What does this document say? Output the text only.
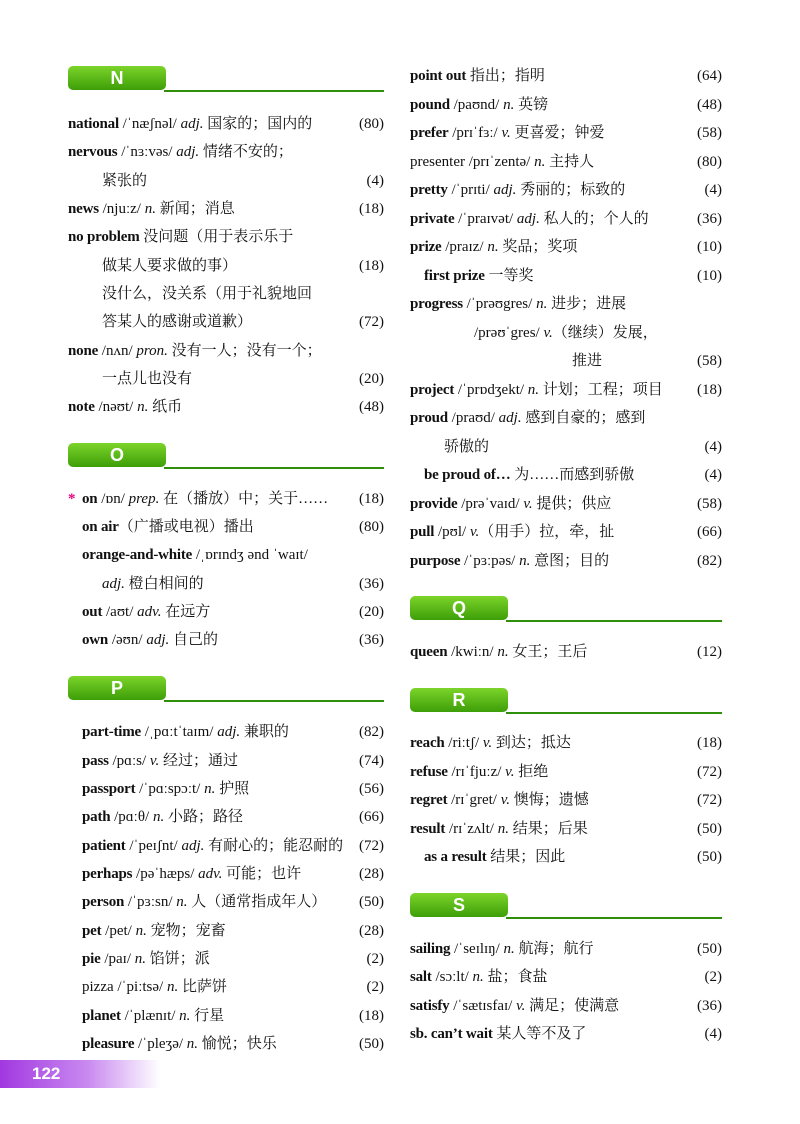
N
national /ˈnæʃnəl/ adj. 国家的；国内的	(80)
nervous /ˈnɜːvəs/ adj. 情绪不安的；
紧张的	(4)
news /njuːz/ n. 新闻；消息	(18)
no problem 没问题（用于表示乐于
做某人要求做的事）	(18)
没什么，没关系（用于礼貌地回
答某人的感谢或道歉）	(72)
none /nʌn/ pron. 没有一人；没有一个；
一点儿也没有	(20)
note /nəʊt/ n. 纸币	(48)
O
* on /ɒn/ prep. 在（播放）中；关于…… (18)
on air（广播或电视）播出	(80)
orange-and-white /ˌɒrɪndʒ ənd ˈwaɪt/
adj. 橙白相间的	(36)
out /aʊt/ adv. 在远方	(20)
own /əʊn/ adj. 自己的	(36)
P
part-time /ˌpɑːtˈtaɪm/ adj. 兼职的	(82)
pass /pɑːs/ v. 经过；通过	(74)
passport /ˈpɑːspɔːt/ n. 护照	(56)
path /pɑːθ/ n. 小路；路径	(66)
patient /ˈpeɪʃnt/ adj. 有耐心的；能忍耐的 (72)
perhaps /pəˈhæps/ adv. 可能；也许	(28)
person /ˈpɜːsn/ n. 人（通常指成年人） (50)
pet /pet/ n. 宠物；宠畜	(28)
pie /paɪ/ n. 馅饼；派	(2)
pizza /ˈpiːtsə/ n. 比萨饼	(2)
planet /ˈplænɪt/ n. 行星	(18)
pleasure /ˈpleʒə/ n. 愉悦；快乐	(50)
point out 指出；指明	(64)
pound /paʊnd/ n. 英镑	(48)
prefer /prɪˈfɜː/ v. 更喜爱；钟爱	(58)
presenter /prɪˈzentə/ n. 主持人	(80)
pretty /ˈprɪti/ adj. 秀丽的；标致的	(4)
private /ˈpraɪvət/ adj. 私人的；个人的	(36)
prize /praɪz/ n. 奖品；奖项	(10)
first prize 一等奖	(10)
progress /ˈprəʊgres/ n. 进步；进展
/prəʊˈgres/ v.（继续）发展，
推进	(58)
project /ˈprɒdʒekt/ n. 计划；工程；项目 (18)
proud /praʊd/ adj. 感到自豪的；感到
骄傲的	(4)
be proud of… 为……而感到骄傲	(4)
provide /prəˈvaɪd/ v. 提供；供应	(58)
pull /pʊl/ v.（用手）拉，牵，扯	(66)
purpose /ˈpɜːpəs/ n. 意图；目的	(82)
Q
queen /kwiːn/ n. 女王；王后	(12)
R
reach /riːtʃ/ v. 到达；抵达	(18)
refuse /rɪˈfjuːz/ v. 拒绝	(72)
regret /rɪˈgret/ v. 懊悔；遗憾	(72)
result /rɪˈzʌlt/ n. 结果；后果	(50)
as a result 结果；因此	(50)
S
sailing /ˈseɪlɪŋ/ n. 航海；航行	(50)
salt /sɔːlt/ n. 盐；食盐	(2)
satisfy /ˈsætɪsfaɪ/ v. 满足；使满意	(36)
sb. can’t wait 某人等不及了	(4)
122
